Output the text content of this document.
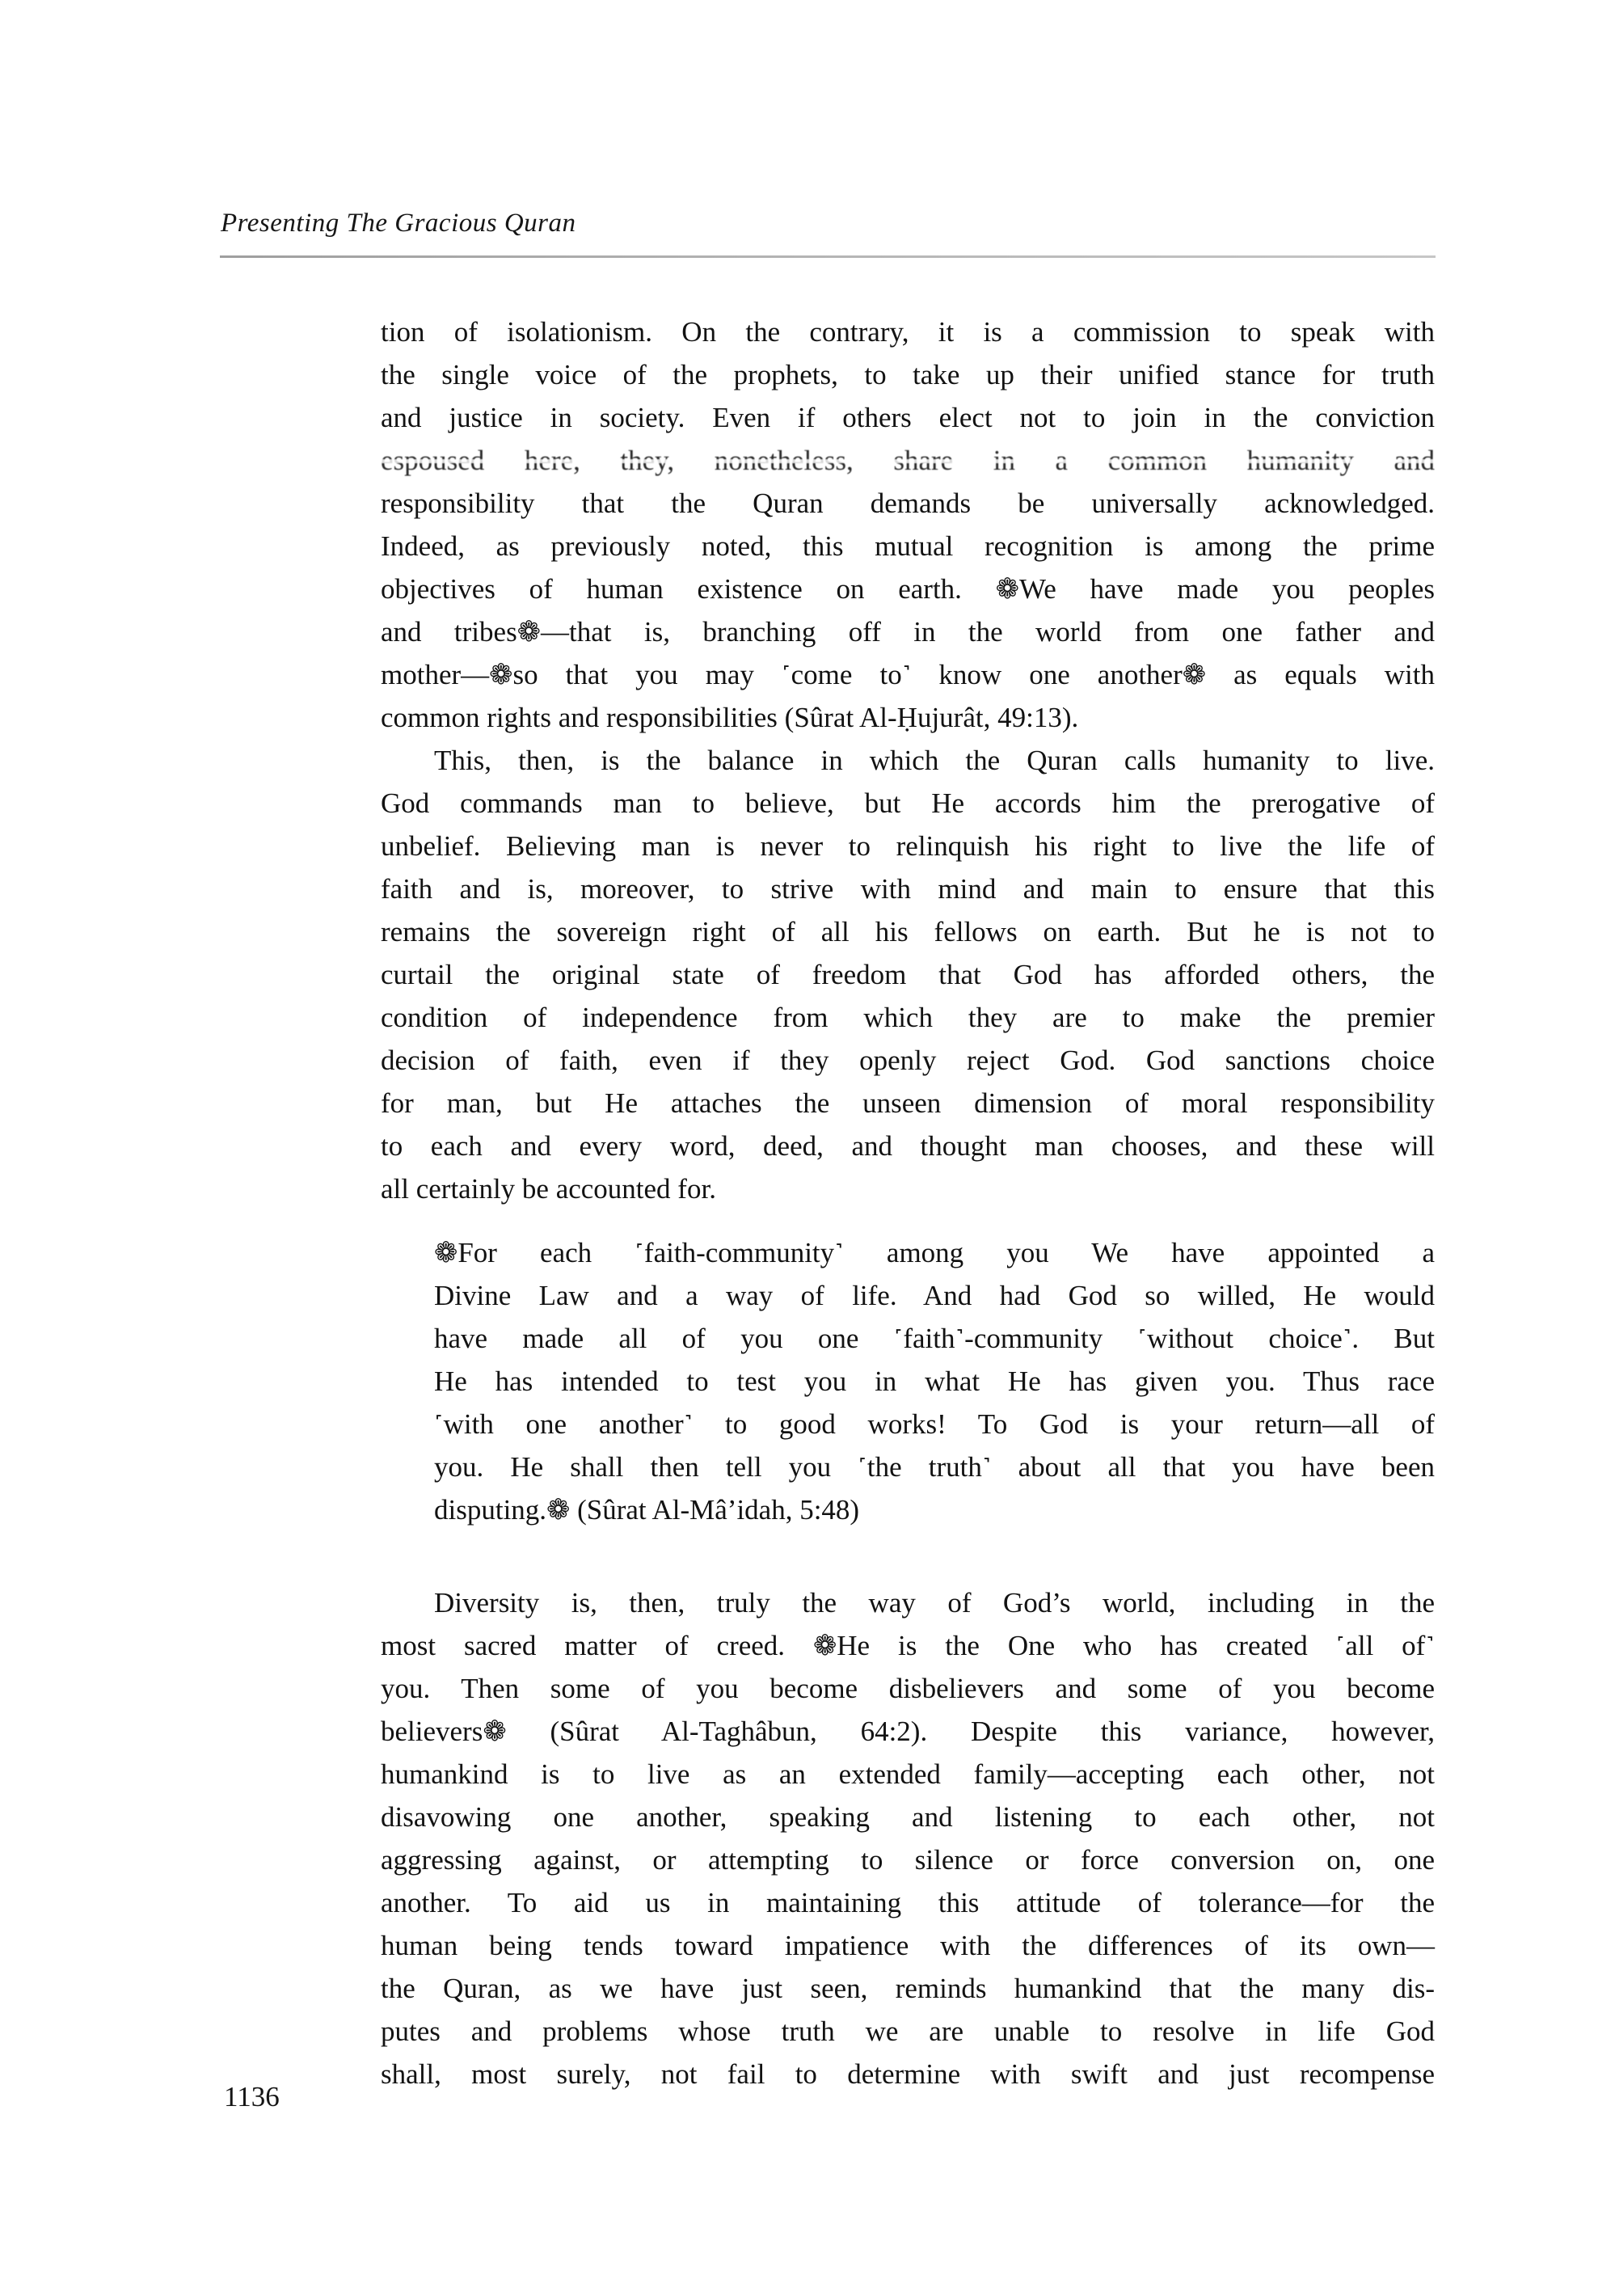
Presenting The Gracious Quran
tion of isolationism. On the contrary, it is a commission to speak with
the single voice of the prophets, to take up their unified stance for truth
and justice in society. Even if others elect not to join in the conviction
espoused here, they, nonetheless, share in a common humanity and
responsibility that the Quran demands be universally acknowledged.
Indeed, as previously noted, this mutual recognition is among the prime
objectives of human existence on earth. ❁We have made you peoples
and tribes❁—that is, branching off in the world from one father and
mother—❁so that you may ˹come to˺ know one another❁ as equals with
common rights and responsibilities (Sûrat Al-Ḥujurât, 49:13).
This, then, is the balance in which the Quran calls humanity to live.
God commands man to believe, but He accords him the prerogative of
unbelief. Believing man is never to relinquish his right to live the life of
faith and is, moreover, to strive with mind and main to ensure that this
remains the sovereign right of all his fellows on earth. But he is not to
curtail the original state of freedom that God has afforded others, the
condition of independence from which they are to make the premier
decision of faith, even if they openly reject God. God sanctions choice
for man, but He attaches the unseen dimension of moral responsibility
to each and every word, deed, and thought man chooses, and these will
all certainly be accounted for.
❁For each ˹faith-community˺ among you We have appointed a
Divine Law and a way of life. And had God so willed, He would
have made all of you one ˹faith˺-community ˹without choice˺. But
He has intended to test you in what He has given you. Thus race
˹with one another˺ to good works! To God is your return—all of
you. He shall then tell you ˹the truth˺ about all that you have been
disputing.❁ (Sûrat Al-Mâ’idah, 5:48)
Diversity is, then, truly the way of God’s world, including in the
most sacred matter of creed. ❁He is the One who has created ˹all of˺
you. Then some of you become disbelievers and some of you become
believers❁ (Sûrat Al-Taghâbun, 64:2). Despite this variance, however,
humankind is to live as an extended family—accepting each other, not
disavowing one another, speaking and listening to each other, not
aggressing against, or attempting to silence or force conversion on, one
another. To aid us in maintaining this attitude of tolerance—for the
human being tends toward impatience with the differences of its own—
the Quran, as we have just seen, reminds humankind that the many dis-
putes and problems whose truth we are unable to resolve in life God
shall, most surely, not fail to determine with swift and just recompense
1136
